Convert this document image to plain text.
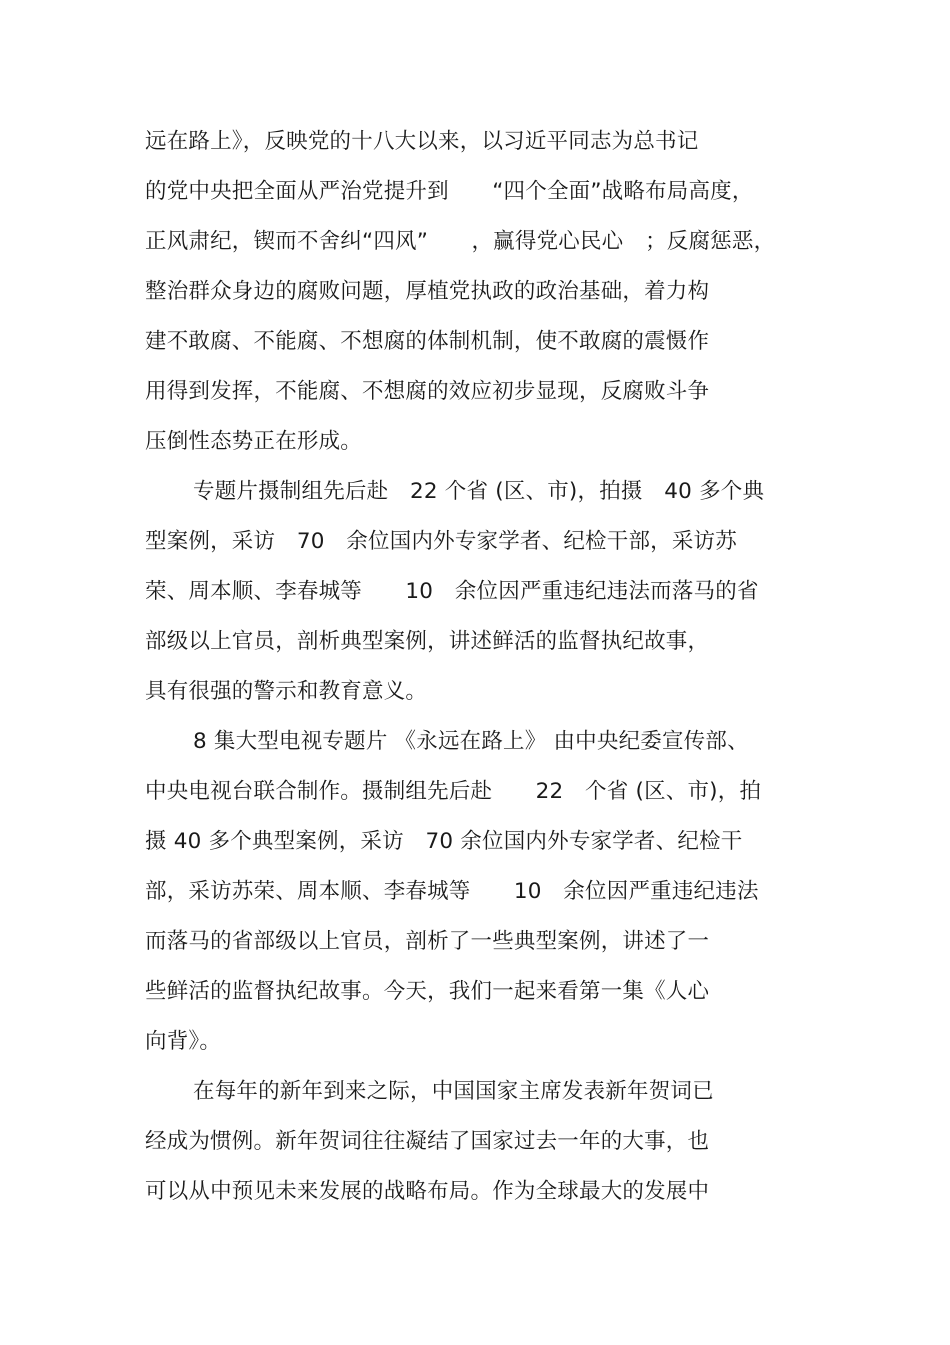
远在路上》，反映党的十八大以来，以习近平同志为总书记
的党中央把全面从严治党提升到　　“四个全面”战略布局高度，
正风肃纪，锲而不舍纠“四风”　　，赢得党心民心　；反腐惩恶，
整治群众身边的腐败问题，厚植党执政的政治基础，着力构
建不敢腐、不能腐、不想腐的体制机制，使不敢腐的震慑作
用得到发挥，不能腐、不想腐的效应初步显现，反腐败斗争
压倒性态势正在形成。
专题片摄制组先后赴　22 个省 (区、市)，拍摄　40 多个典
型案例，采访　70　余位国内外专家学者、纪检干部，采访苏
荣、周本顺、李春城等　　10　余位因严重违纪违法而落马的省
部级以上官员，剖析典型案例，讲述鲜活的监督执纪故事，
具有很强的警示和教育意义。
8 集大型电视专题片 《永远在路上》 由中央纪委宣传部、
中央电视台联合制作。摄制组先后赴　　22　个省 (区、市)，拍
摄 40 多个典型案例，采访　70 余位国内外专家学者、纪检干
部，采访苏荣、周本顺、李春城等　　10　余位因严重违纪违法
而落马的省部级以上官员，剖析了一些典型案例，讲述了一
些鲜活的监督执纪故事。今天，我们一起来看第一集《人心
向背》。
在每年的新年到来之际，中国国家主席发表新年贺词已
经成为惯例。新年贺词往往凝结了国家过去一年的大事，也
可以从中预见未来发展的战略布局。作为全球最大的发展中
